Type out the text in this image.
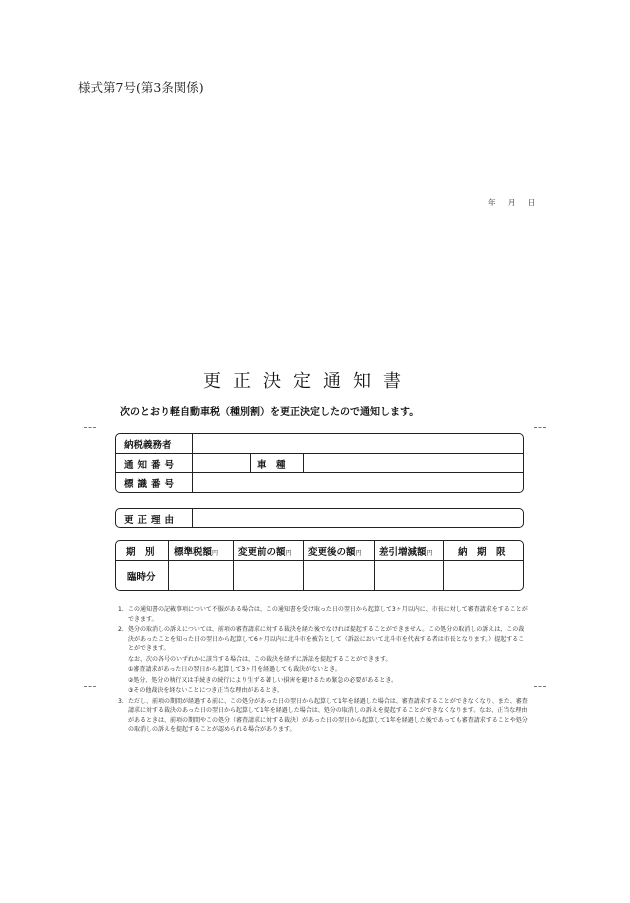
様式第7号(第3条関係)
年 月 日
更正決定通知書
次のとおり軽自動車税（種別割）を更正決定したので通知します。
納税義務者
通知番号	車　種
標識番号
更正理由
期　別 標準税額円 変更前の額円 変更後の額円 差引増減額円	納　期　限
臨時分
1. この通知書の記載事項について不服がある場合は、この通知書を受け取った日の翌日から起算して3ヶ月以内に、市長に対して審査請求をすることができます。
2. 処分の取消しの訴えについては、前項の審査請求に対する裁決を経た後でなければ提起することができません。この処分の取消しの訴えは、この裁決があったことを知った日の翌日から起算して6ヶ月以内に北斗市を被告として（訴訟において北斗市を代表する者は市長となります。）提起することができます。
なお、次の各号のいずれかに該当する場合は、この裁決を経ずに訴訟を提起することができます。
①審査請求があった日の翌日から起算して3ヶ月を経過しても裁決がないとき。
②処分、処分の執行又は手続きの続行により生ずる著しい損害を避けるため緊急の必要があるとき。
③その他裁決を経ないことにつき正当な理由があるとき。
3. ただし、前項の期間が経過する前に、この処分があった日の翌日から起算して1年を経過した場合は、審査請求することができなくなり、また、審査請求に対する裁決のあった日の翌日から起算して1年を経過した場合は、処分の取消しの訴えを提起することができなくなります。なお、正当な理由があるときは、前項の期間やこの処分（審査請求に対する裁決）があった日の翌日から起算して1年を経過した後であっても審査請求することや処分の取消しの訴えを提起することが認められる場合があります。
